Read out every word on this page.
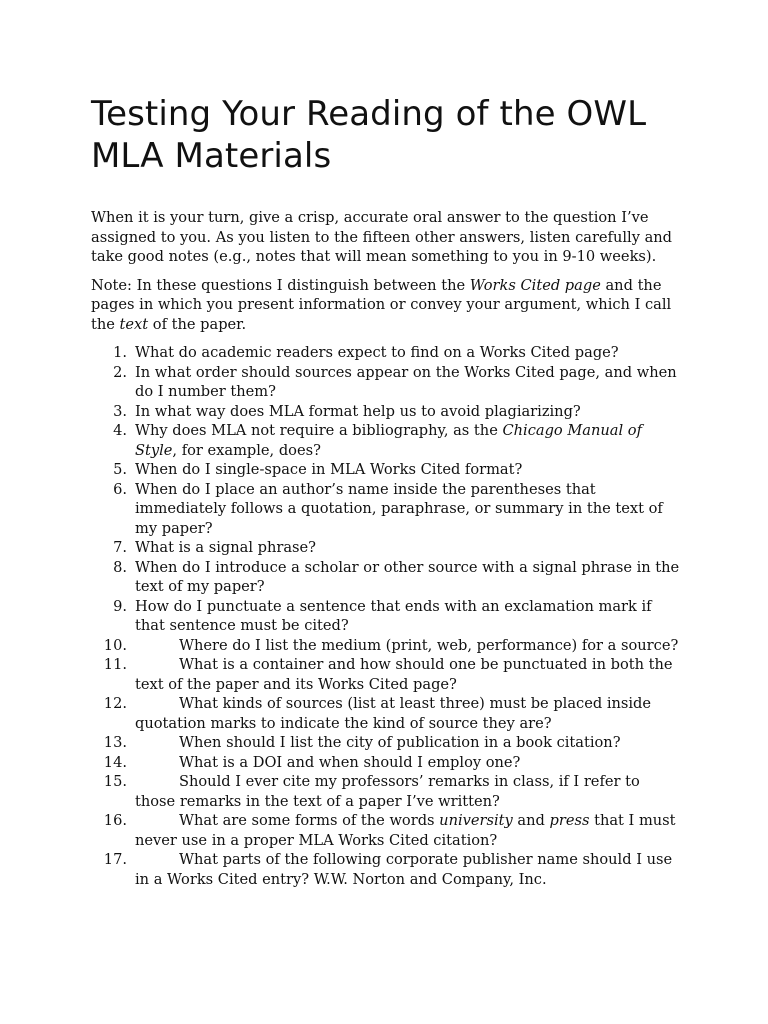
Testing Your Reading of the OWL MLA Materials

When it is your turn, give a crisp, accurate oral answer to the question I’ve assigned to you. As you listen to the fifteen other answers, listen carefully and take good notes (e.g., notes that will mean something to you in 9-10 weeks).

Note: In these questions I distinguish between the Works Cited page and the pages in which you present information or convey your argument, which I call the text of the paper.

1. What do academic readers expect to find on a Works Cited page?
2. In what order should sources appear on the Works Cited page, and when do I number them?
3. In what way does MLA format help us to avoid plagiarizing?
4. Why does MLA not require a bibliography, as the Chicago Manual of Style, for example, does?
5. When do I single-space in MLA Works Cited format?
6. When do I place an author’s name inside the parentheses that immediately follows a quotation, paraphrase, or summary in the text of my paper?
7. What is a signal phrase?
8. When do I introduce a scholar or other source with a signal phrase in the text of my paper?
9. How do I punctuate a sentence that ends with an exclamation mark if that sentence must be cited?
10.	Where do I list the medium (print, web, performance) for a source?
11.	What is a container and how should one be punctuated in both the text of the paper and its Works Cited page?
12.	What kinds of sources (list at least three) must be placed inside quotation marks to indicate the kind of source they are?
13.	When should I list the city of publication in a book citation?
14.	What is a DOI and when should I employ one?
15.	Should I ever cite my professors’ remarks in class, if I refer to those remarks in the text of a paper I’ve written?
16.	What are some forms of the words university and press that I must never use in a proper MLA Works Cited citation?
17.	What parts of the following corporate publisher name should I use in a Works Cited entry? W.W. Norton and Company, Inc.
